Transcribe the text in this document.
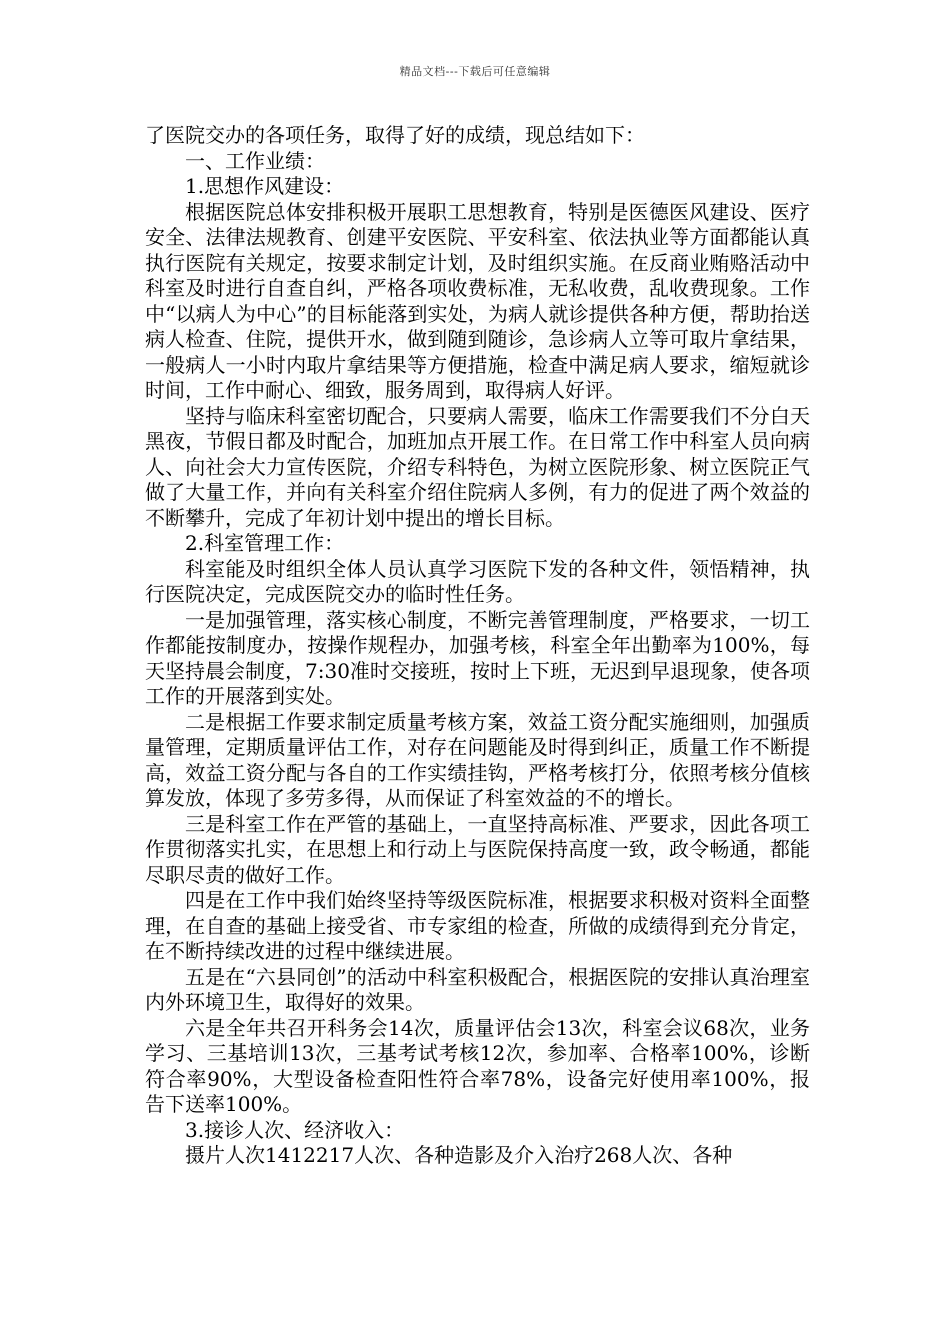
精品文档---下载后可任意编辑

了医院交办的各项任务，取得了好的成绩，现总结如下：

一、工作业绩：

1.思想作风建设：

根据医院总体安排积极开展职工思想教育，特别是医德医风建设、医疗安全、法律法规教育、创建平安医院、平安科室、依法执业等方面都能认真执行医院有关规定，按要求制定计划，及时组织实施。在反商业贿赂活动中科室及时进行自查自纠，严格各项收费标准，无私收费，乱收费现象。工作中“以病人为中心”的目标能落到实处，为病人就诊提供各种方便，帮助抬送病人检查、住院，提供开水，做到随到随诊，急诊病人立等可取片拿结果，一般病人一小时内取片拿结果等方便措施，检查中满足病人要求，缩短就诊时间，工作中耐心、细致，服务周到，取得病人好评。

坚持与临床科室密切配合，只要病人需要，临床工作需要我们不分白天黑夜，节假日都及时配合，加班加点开展工作。在日常工作中科室人员向病人、向社会大力宣传医院，介绍专科特色，为树立医院形象、树立医院正气做了大量工作，并向有关科室介绍住院病人多例，有力的促进了两个效益的不断攀升，完成了年初计划中提出的增长目标。

2.科室管理工作：

科室能及时组织全体人员认真学习医院下发的各种文件，领悟精神，执行医院决定，完成医院交办的临时性任务。

一是加强管理，落实核心制度，不断完善管理制度，严格要求，一切工作都能按制度办，按操作规程办，加强考核，科室全年出勤率为100%，每天坚持晨会制度，7:30准时交接班，按时上下班，无迟到早退现象，使各项工作的开展落到实处。

二是根据工作要求制定质量考核方案，效益工资分配实施细则，加强质量管理，定期质量评估工作，对存在问题能及时得到纠正，质量工作不断提高，效益工资分配与各自的工作实绩挂钩，严格考核打分，依照考核分值核算发放，体现了多劳多得，从而保证了科室效益的不的增长。

三是科室工作在严管的基础上，一直坚持高标准、严要求，因此各项工作贯彻落实扎实，在思想上和行动上与医院保持高度一致，政令畅通，都能尽职尽责的做好工作。

四是在工作中我们始终坚持等级医院标准，根据要求积极对资料全面整理，在自查的基础上接受省、市专家组的检查，所做的成绩得到充分肯定，在不断持续改进的过程中继续进展。

五是在“六县同创”的活动中科室积极配合，根据医院的安排认真治理室内外环境卫生，取得好的效果。

六是全年共召开科务会14次，质量评估会13次，科室会议68次，业务学习、三基培训13次，三基考试考核12次，参加率、合格率100%，诊断符合率90%，大型设备检查阳性符合率78%，设备完好使用率100%，报告下送率100%。

3.接诊人次、经济收入：

摄片人次1412217人次、各种造影及介入治疗268人次、各种
